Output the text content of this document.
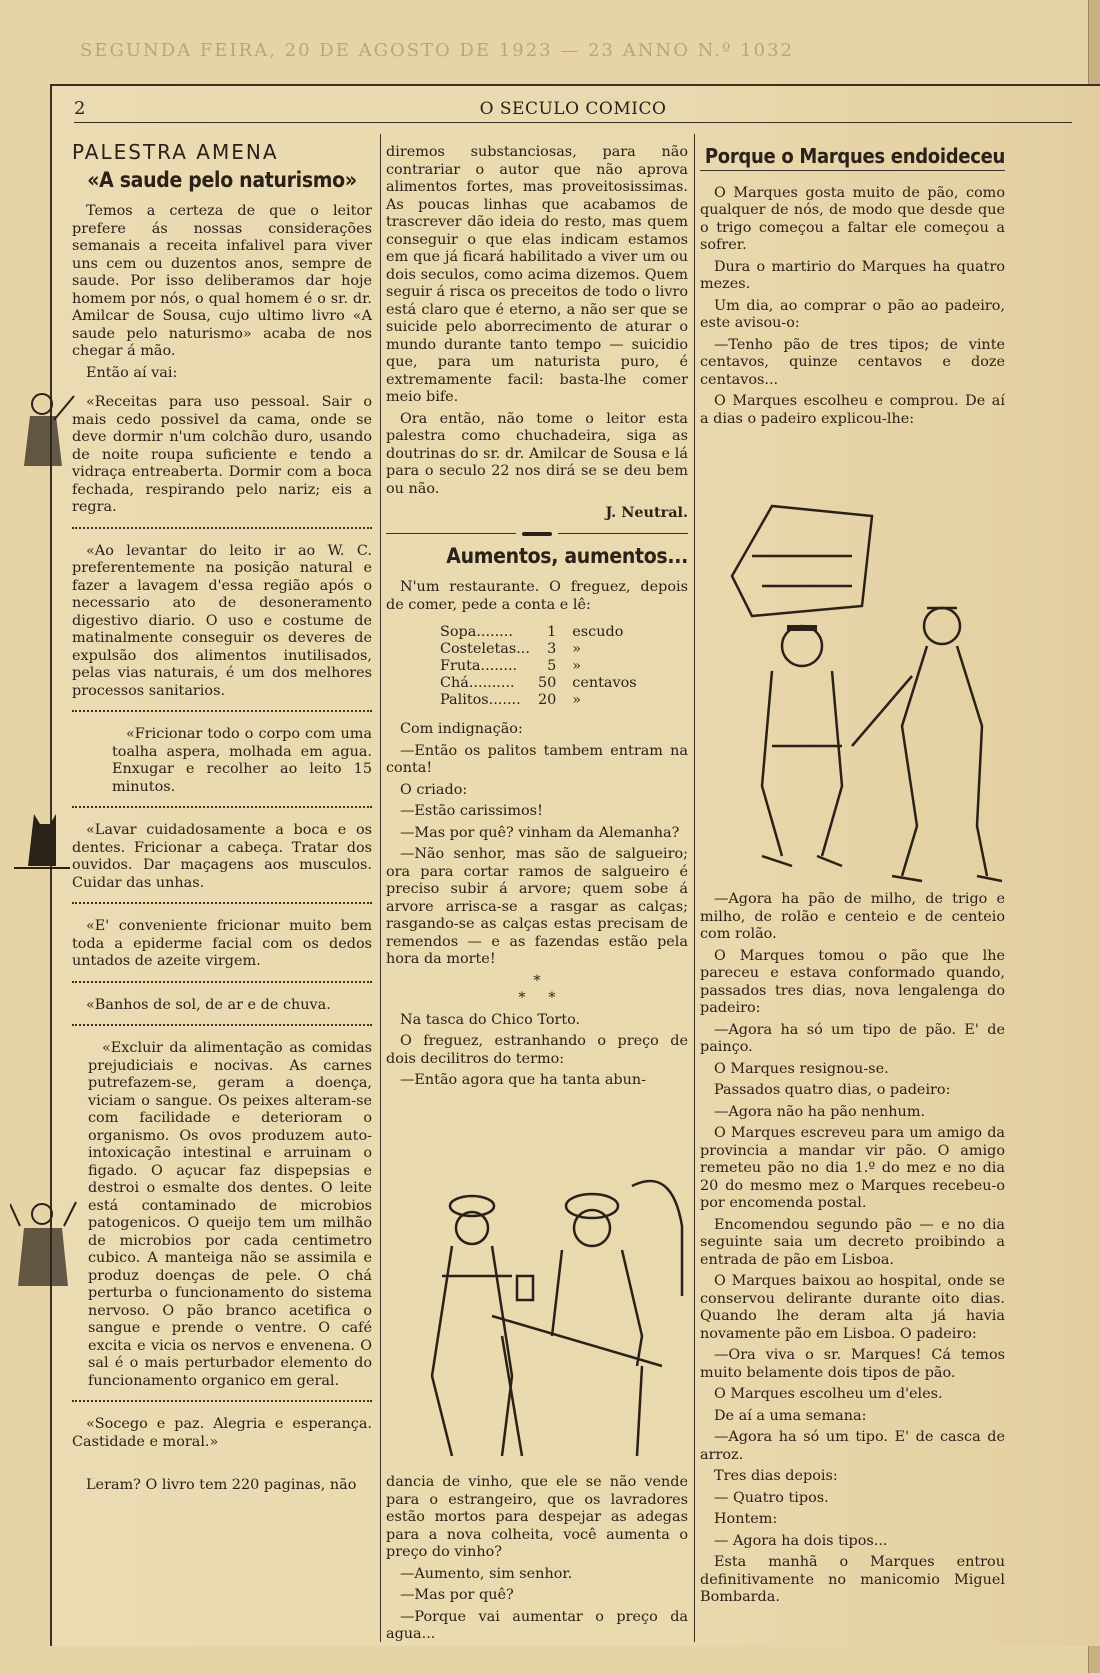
SEGUNDA FEIRA, 20 DE AGOSTO DE 1923 — 23 ANNO N.º 1032
2	O SECULO COMICO
PALESTRA AMENA
«A saude pelo naturismo»

Temos a certeza de que o leitor prefere ás nossas considerações semanais a receita infalivel para viver uns cem ou duzentos anos, sempre de saude. Por isso deliberamos dar hoje homem por nós, o qual homem é o sr. dr. Amilcar de Sousa, cujo ultimo livro «A saude pelo naturismo» acaba de nos chegar á mão.

Então aí vai:

«Receitas para uso pessoal. Sair o mais cedo possivel da cama, onde se deve dormir n'um colchão duro, usando de noite roupa suficiente e tendo a vidraça entreaberta. Dormir com a boca fechada, respirando pelo nariz; eis a regra.

«Ao levantar do leito ir ao W. C. preferentemente na posição natural e fazer a lavagem d'essa região após o necessario ato de desoneramento digestivo diario. O uso e costume de matinalmente conseguir os deveres de expulsão dos alimentos inutilisados, pelas vias naturais, é um dos melhores processos sanitarios.

«Fricionar todo o corpo com uma toalha aspera, molhada em agua. Enxugar e recolher ao leito 15 minutos.

«Lavar cuidadosamente a boca e os dentes. Fricionar a cabeça. Tratar dos ouvidos. Dar maçagens aos musculos. Cuidar das unhas.

«E' conveniente fricionar muito bem toda a epiderme facial com os dedos untados de azeite virgem.

«Banhos de sol, de ar e de chuva.

«Excluir da alimentação as comidas prejudiciais e nocivas. As carnes putrefazem-se, geram a doença, viciam o sangue. Os peixes alteram-se com facilidade e deterioram o organismo. Os ovos produzem auto-intoxicação intestinal e arruinam o figado. O açucar faz dispepsias e destroi o esmalte dos dentes. O leite está contaminado de microbios patogenicos. O queijo tem um milhão de microbios por cada centimetro cubico. A manteiga não se assimila e produz doenças de pele. O chá perturba o funcionamento do sistema nervoso. O pão branco acetifica o sangue e prende o ventre. O café excita e vicia os nervos e envenena. O sal é o mais perturbador elemento do funcionamento organico em geral.

«Socego e paz. Alegria e esperança. Castidade e moral.»

Leram? O livro tem 220 paginas, não

diremos substanciosas, para não contrariar o autor que não aprova alimentos fortes, mas proveitosissimas. As poucas linhas que acabamos de trascrever dão ideia do resto, mas quem conseguir o que elas indicam estamos em que já ficará habilitado a viver um ou dois seculos, como acima dizemos. Quem seguir á risca os preceitos de todo o livro está claro que é eterno, a não ser que se suicide pelo aborrecimento de aturar o mundo durante tanto tempo — suicidio que, para um naturista puro, é extremamente facil: basta-lhe comer meio bife.

Ora então, não tome o leitor esta palestra como chuchadeira, siga as doutrinas do sr. dr. Amilcar de Sousa e lá para o seculo 22 nos dirá se se deu bem ou não.

J. Neutral.
Aumentos, aumentos...

N'um restaurante. O freguez, depois de comer, pede a conta e lê:

Sopa........	1	escudo
Costeletas...	3	»
Fruta........	5	»
Chá..........	50	centavos
Palitos.......	20	»

Com indignação:

—Então os palitos tambem entram na conta!

O criado:

—Estão carissimos!

—Mas por quê? vinham da Alemanha?

—Não senhor, mas são de salgueiro; ora para cortar ramos de salgueiro é preciso subir á arvore; quem sobe á arvore arrisca-se a rasgar as calças; rasgando-se as calças estas precisam de remendos — e as fazendas estão pela hora da morte!

*
*     *

Na tasca do Chico Torto.

O freguez, estranhando o preço de dois decilitros do termo:

—Então agora que ha tanta abun-

dancia de vinho, que ele se não vende para o estrangeiro, que os lavradores estão mortos para despejar as adegas para a nova colheita, você aumenta o preço do vinho?

—Aumento, sim senhor.

—Mas por quê?

—Porque vai aumentar o preço da agua...

Porque o Marques endoideceu

O Marques gosta muito de pão, como qualquer de nós, de modo que desde que o trigo começou a faltar ele começou a sofrer.

Dura o martirio do Marques ha quatro mezes.

Um dia, ao comprar o pão ao padeiro, este avisou-o:

—Tenho pão de tres tipos; de vinte centavos, quinze centavos e doze centavos...

O Marques escolheu e comprou. De aí a dias o padeiro explicou-lhe:

—Agora ha pão de milho, de trigo e milho, de rolão e centeio e de centeio com rolão.

O Marques tomou o pão que lhe pareceu e estava conformado quando, passados tres dias, nova lengalenga do padeiro:

—Agora ha só um tipo de pão. E' de painço.

O Marques resignou-se.

Passados quatro dias, o padeiro:

—Agora não ha pão nenhum.

O Marques escreveu para um amigo da provincia a mandar vir pão. O amigo remeteu pão no dia 1.º do mez e no dia 20 do mesmo mez o Marques recebeu-o por encomenda postal.

Encomendou segundo pão — e no dia seguinte saia um decreto proibindo a entrada de pão em Lisboa.

O Marques baixou ao hospital, onde se conservou delirante durante oito dias. Quando lhe deram alta já havia novamente pão em Lisboa. O padeiro:

—Ora viva o sr. Marques! Cá temos muito belamente dois tipos de pão.

O Marques escolheu um d'eles.

De aí a uma semana:

—Agora ha só um tipo. E' de casca de arroz.

Tres dias depois:

— Quatro tipos.

Hontem:

— Agora ha dois tipos...

Esta manhã o Marques entrou definitivamente no manicomio Miguel Bombarda.
